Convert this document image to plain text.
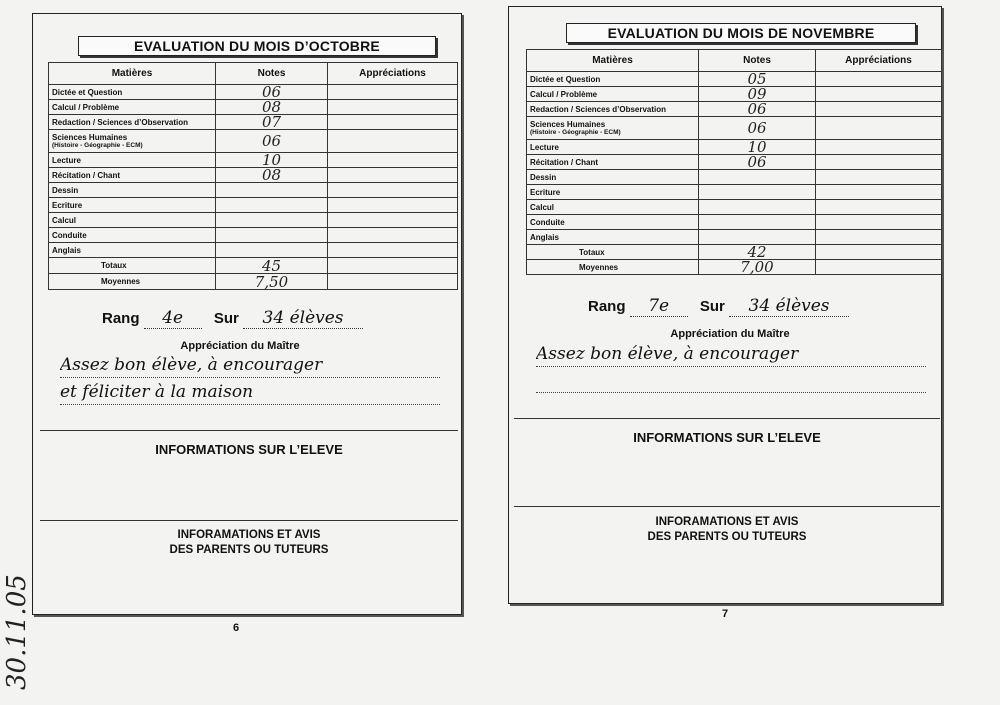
EVALUATION DU MOIS D’OCTOBRE
Matières	Notes	Appréciations

Dictée et Question	06	

Calcul / Problème	08	

Redaction / Sciences d’Observation	07	

Sciences Humaines
(Histoire - Géographie - ECM)	06	

Lecture	10	

Récitation / Chant	08	

Dessin		

Ecriture		

Calcul		

Conduite		

Anglais		

Totaux	45	
Moyennes	7,50	
Rang 4e Sur 34 élèves
Appréciation du Maître
Assez bon élève, à encourager
et féliciter à la maison
INFORMATIONS SUR L’ELEVE
INFORAMATIONS ET AVIS
DES PARENTS OU TUTEURS
6
EVALUATION DU MOIS DE NOVEMBRE
Matières	Notes	Appréciations

Dictée et Question	05	

Calcul / Problème	09	

Redaction / Sciences d’Observation	06	

Sciences Humaines
(Histoire - Géographie - ECM)	06	

Lecture	10	

Récitation / Chant	06	

Dessin		

Ecriture		

Calcul		

Conduite		

Anglais		

Totaux	42	
Moyennes	7,00	
Rang 7e Sur 34 élèves
Appréciation du Maître
Assez bon élève, à encourager
INFORMATIONS SUR L’ELEVE
INFORAMATIONS ET AVIS
DES PARENTS OU TUTEURS
7
30.11.05
